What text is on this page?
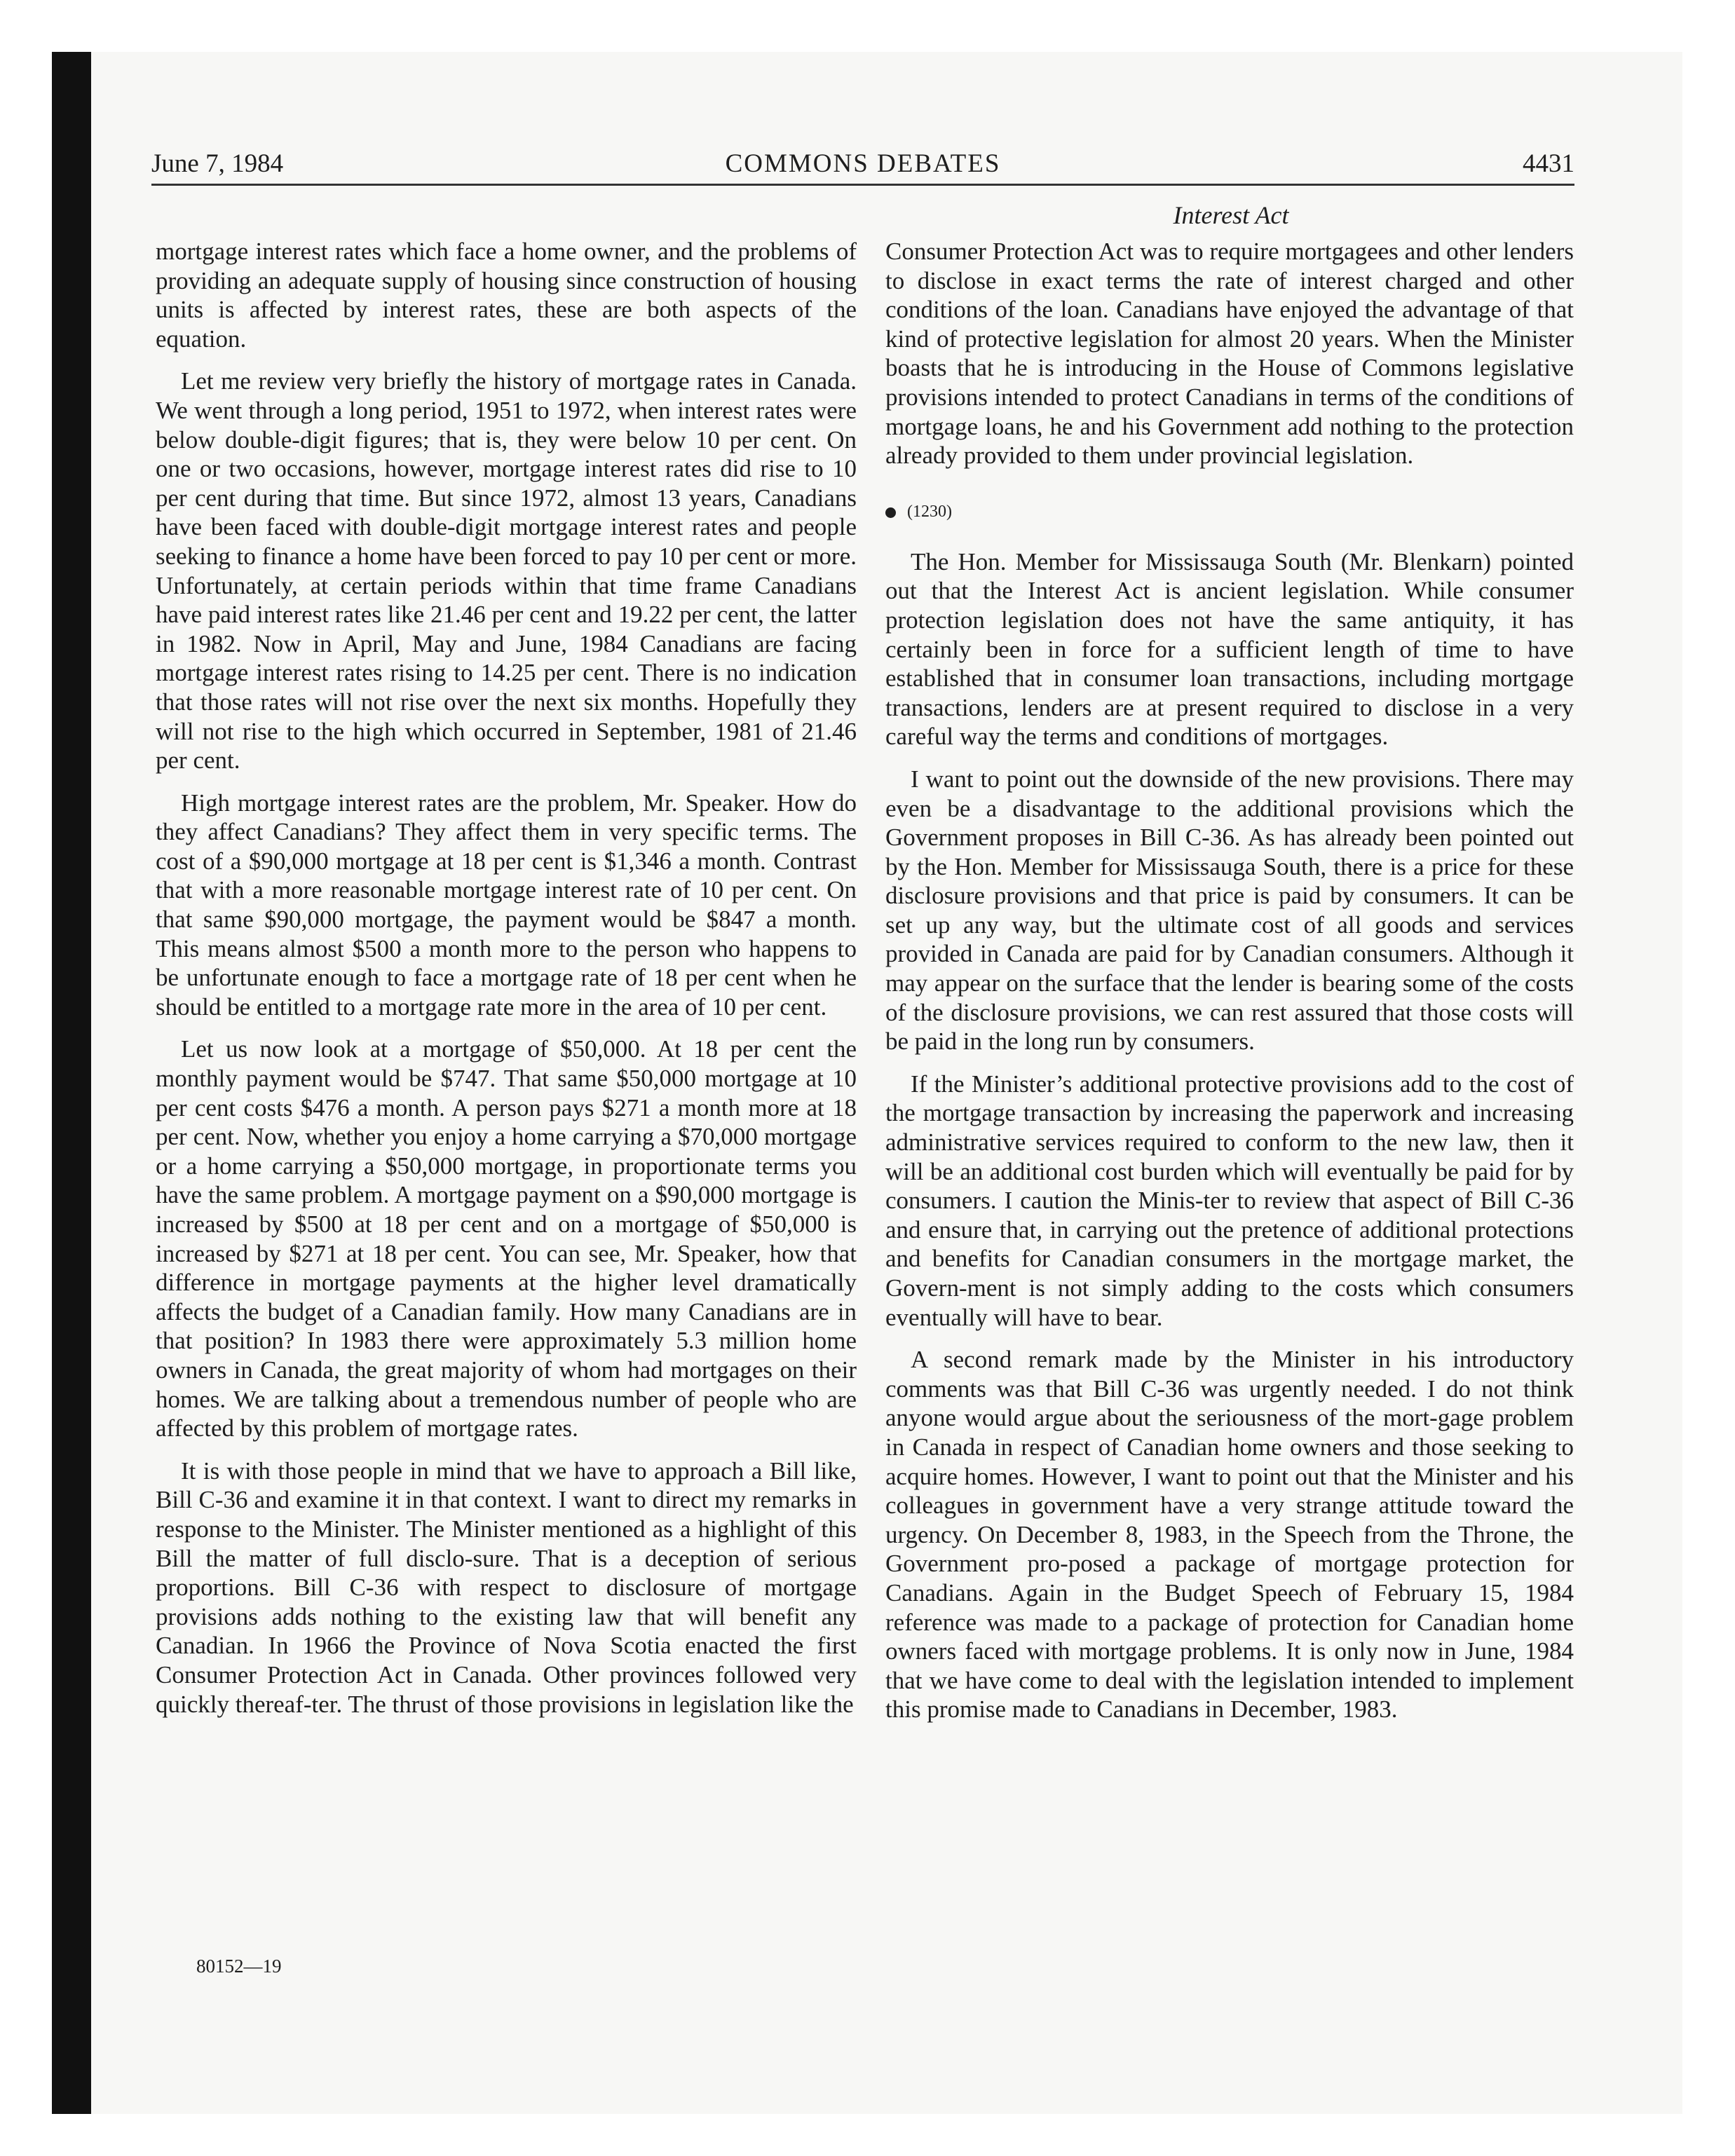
June 7, 1984	COMMONS DEBATES	4431
Interest Act

mortgage interest rates which face a home owner, and the problems of providing an adequate supply of housing since construction of housing units is affected by interest rates, these are both aspects of the equation.

Let me review very briefly the history of mortgage rates in Canada. We went through a long period, 1951 to 1972, when interest rates were below double-digit figures; that is, they were below 10 per cent. On one or two occasions, however, mortgage interest rates did rise to 10 per cent during that time. But since 1972, almost 13 years, Canadians have been faced with double-digit mortgage interest rates and people seeking to finance a home have been forced to pay 10 per cent or more. Unfortunately, at certain periods within that time frame Canadians have paid interest rates like 21.46 per cent and 19.22 per cent, the latter in 1982. Now in April, May and June, 1984 Canadians are facing mortgage interest rates rising to 14.25 per cent. There is no indication that those rates will not rise over the next six months. Hopefully they will not rise to the high which occurred in September, 1981 of 21.46 per cent.

High mortgage interest rates are the problem, Mr. Speaker. How do they affect Canadians? They affect them in very specific terms. The cost of a $90,000 mortgage at 18 per cent is $1,346 a month. Contrast that with a more reasonable mortgage interest rate of 10 per cent. On that same $90,000 mortgage, the payment would be $847 a month. This means almost $500 a month more to the person who happens to be unfortunate enough to face a mortgage rate of 18 per cent when he should be entitled to a mortgage rate more in the area of 10 per cent.

Let us now look at a mortgage of $50,000. At 18 per cent the monthly payment would be $747. That same $50,000 mortgage at 10 per cent costs $476 a month. A person pays $271 a month more at 18 per cent. Now, whether you enjoy a home carrying a $70,000 mortgage or a home carrying a $50,000 mortgage, in proportionate terms you have the same problem. A mortgage payment on a $90,000 mortgage is increased by $500 at 18 per cent and on a mortgage of $50,000 is increased by $271 at 18 per cent. You can see, Mr. Speaker, how that difference in mortgage payments at the higher level dramatically affects the budget of a Canadian family. How many Canadians are in that position? In 1983 there were approximately 5.3 million home owners in Canada, the great majority of whom had mortgages on their homes. We are talking about a tremendous number of people who are affected by this problem of mortgage rates.

It is with those people in mind that we have to approach a Bill like, Bill C-36 and examine it in that context. I want to direct my remarks in response to the Minister. The Minister mentioned as a highlight of this Bill the matter of full disclo-sure. That is a deception of serious proportions. Bill C-36 with respect to disclosure of mortgage provisions adds nothing to the existing law that will benefit any Canadian. In 1966 the Province of Nova Scotia enacted the first Consumer Protection Act in Canada. Other provinces followed very quickly thereaf-ter. The thrust of those provisions in legislation like the

Consumer Protection Act was to require mortgagees and other lenders to disclose in exact terms the rate of interest charged and other conditions of the loan. Canadians have enjoyed the advantage of that kind of protective legislation for almost 20 years. When the Minister boasts that he is introducing in the House of Commons legislative provisions intended to protect Canadians in terms of the conditions of mortgage loans, he and his Government add nothing to the protection already provided to them under provincial legislation.

(1230)

The Hon. Member for Mississauga South (Mr. Blenkarn) pointed out that the Interest Act is ancient legislation. While consumer protection legislation does not have the same antiquity, it has certainly been in force for a sufficient length of time to have established that in consumer loan transactions, including mortgage transactions, lenders are at present required to disclose in a very careful way the terms and conditions of mortgages.

I want to point out the downside of the new provisions. There may even be a disadvantage to the additional provisions which the Government proposes in Bill C-36. As has already been pointed out by the Hon. Member for Mississauga South, there is a price for these disclosure provisions and that price is paid by consumers. It can be set up any way, but the ultimate cost of all goods and services provided in Canada are paid for by Canadian consumers. Although it may appear on the surface that the lender is bearing some of the costs of the disclosure provisions, we can rest assured that those costs will be paid in the long run by consumers.

If the Minister’s additional protective provisions add to the cost of the mortgage transaction by increasing the paperwork and increasing administrative services required to conform to the new law, then it will be an additional cost burden which will eventually be paid for by consumers. I caution the Minis-ter to review that aspect of Bill C-36 and ensure that, in carrying out the pretence of additional protections and benefits for Canadian consumers in the mortgage market, the Govern-ment is not simply adding to the costs which consumers eventually will have to bear.

A second remark made by the Minister in his introductory comments was that Bill C-36 was urgently needed. I do not think anyone would argue about the seriousness of the mort-gage problem in Canada in respect of Canadian home owners and those seeking to acquire homes. However, I want to point out that the Minister and his colleagues in government have a very strange attitude toward the urgency. On December 8, 1983, in the Speech from the Throne, the Government pro-posed a package of mortgage protection for Canadians. Again in the Budget Speech of February 15, 1984 reference was made to a package of protection for Canadian home owners faced with mortgage problems. It is only now in June, 1984 that we have come to deal with the legislation intended to implement this promise made to Canadians in December, 1983.

80152—19
